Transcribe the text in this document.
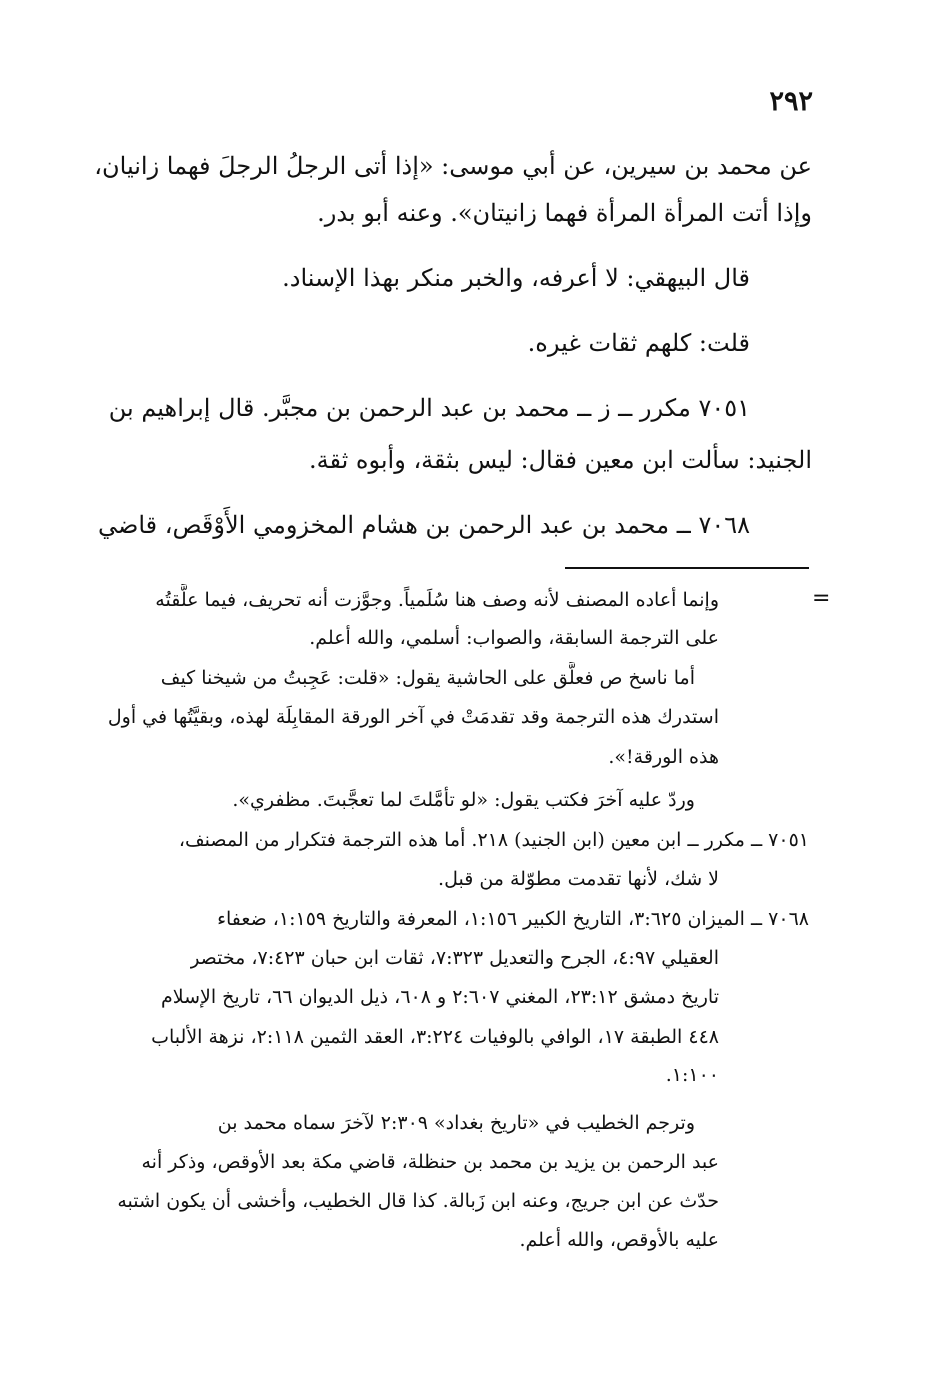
٢٩٢
عن محمد بن سيرين، عن أبي موسى: «إذا أتى الرجلُ الرجلَ فهما زانيان،
وإذا أتت المرأة المرأة فهما زانيتان». وعنه أبو بدر.
قال البيهقي: لا أعرفه، والخبر منكر بهذا الإسناد.
قلت: كلهم ثقات غيره.
٧٠٥١ مكرر ــ ز ــ محمد بن عبد الرحمن بن مجبَّر. قال إبراهيم بن
الجنيد: سألت ابن معين فقال: ليس بثقة، وأبوه ثقة.
٧٠٦٨ ــ محمد بن عبد الرحمن بن هشام المخزومي الأَوْقَص، قاضي
=
وإنما أعاده المصنف لأنه وصف هنا سُلَمياً. وجوَّزت أنه تحريف، فيما علَّقتُه
على الترجمة السابقة، والصواب: أسلمي، والله أعلم.
أما ناسخ ص فعلَّق على الحاشية يقول: «قلت: عَجِبتُ من شيخنا كيف
استدرك هذه الترجمة وقد تقدمَتْ في آخر الورقة المقابِلَة لهذه، وبقيَّتُها في أول
هذه الورقة!».
وردّ عليه آخرَ فكتب يقول: «لو تأمَّلتَ لما تعجَّبتَ. مظفري».
٧٠٥١ ــ مكرر ــ ابن معين (ابن الجنيد) ٢١٨. أما هذه الترجمة فتكرار من المصنف،
لا شك، لأنها تقدمت مطوّلة من قبل.
٧٠٦٨ ــ الميزان ٣:٦٢٥، التاريخ الكبير ١:١٥٦، المعرفة والتاريخ ١:١٥٩، ضعفاء
العقيلي ٤:٩٧، الجرح والتعديل ٧:٣٢٣، ثقات ابن حبان ٧:٤٢٣، مختصر
تاريخ دمشق ٢٣:١٢، المغني ٢:٦٠٧ و ٦٠٨، ذيل الديوان ٦٦، تاريخ الإسلام
٤٤٨ الطبقة ١٧، الوافي بالوفيات ٣:٢٢٤، العقد الثمين ٢:١١٨، نزهة الألباب
١:١٠٠.
وترجم الخطيب في «تاريخ بغداد» ٢:٣٠٩ لآخرَ سماه محمد بن
عبد الرحمن بن يزيد بن محمد بن حنظلة، قاضي مكة بعد الأوقص، وذكر أنه
حدّث عن ابن جريج، وعنه ابن زَبالة. كذا قال الخطيب، وأخشى أن يكون اشتبه
عليه بالأوقص، والله أعلم.
